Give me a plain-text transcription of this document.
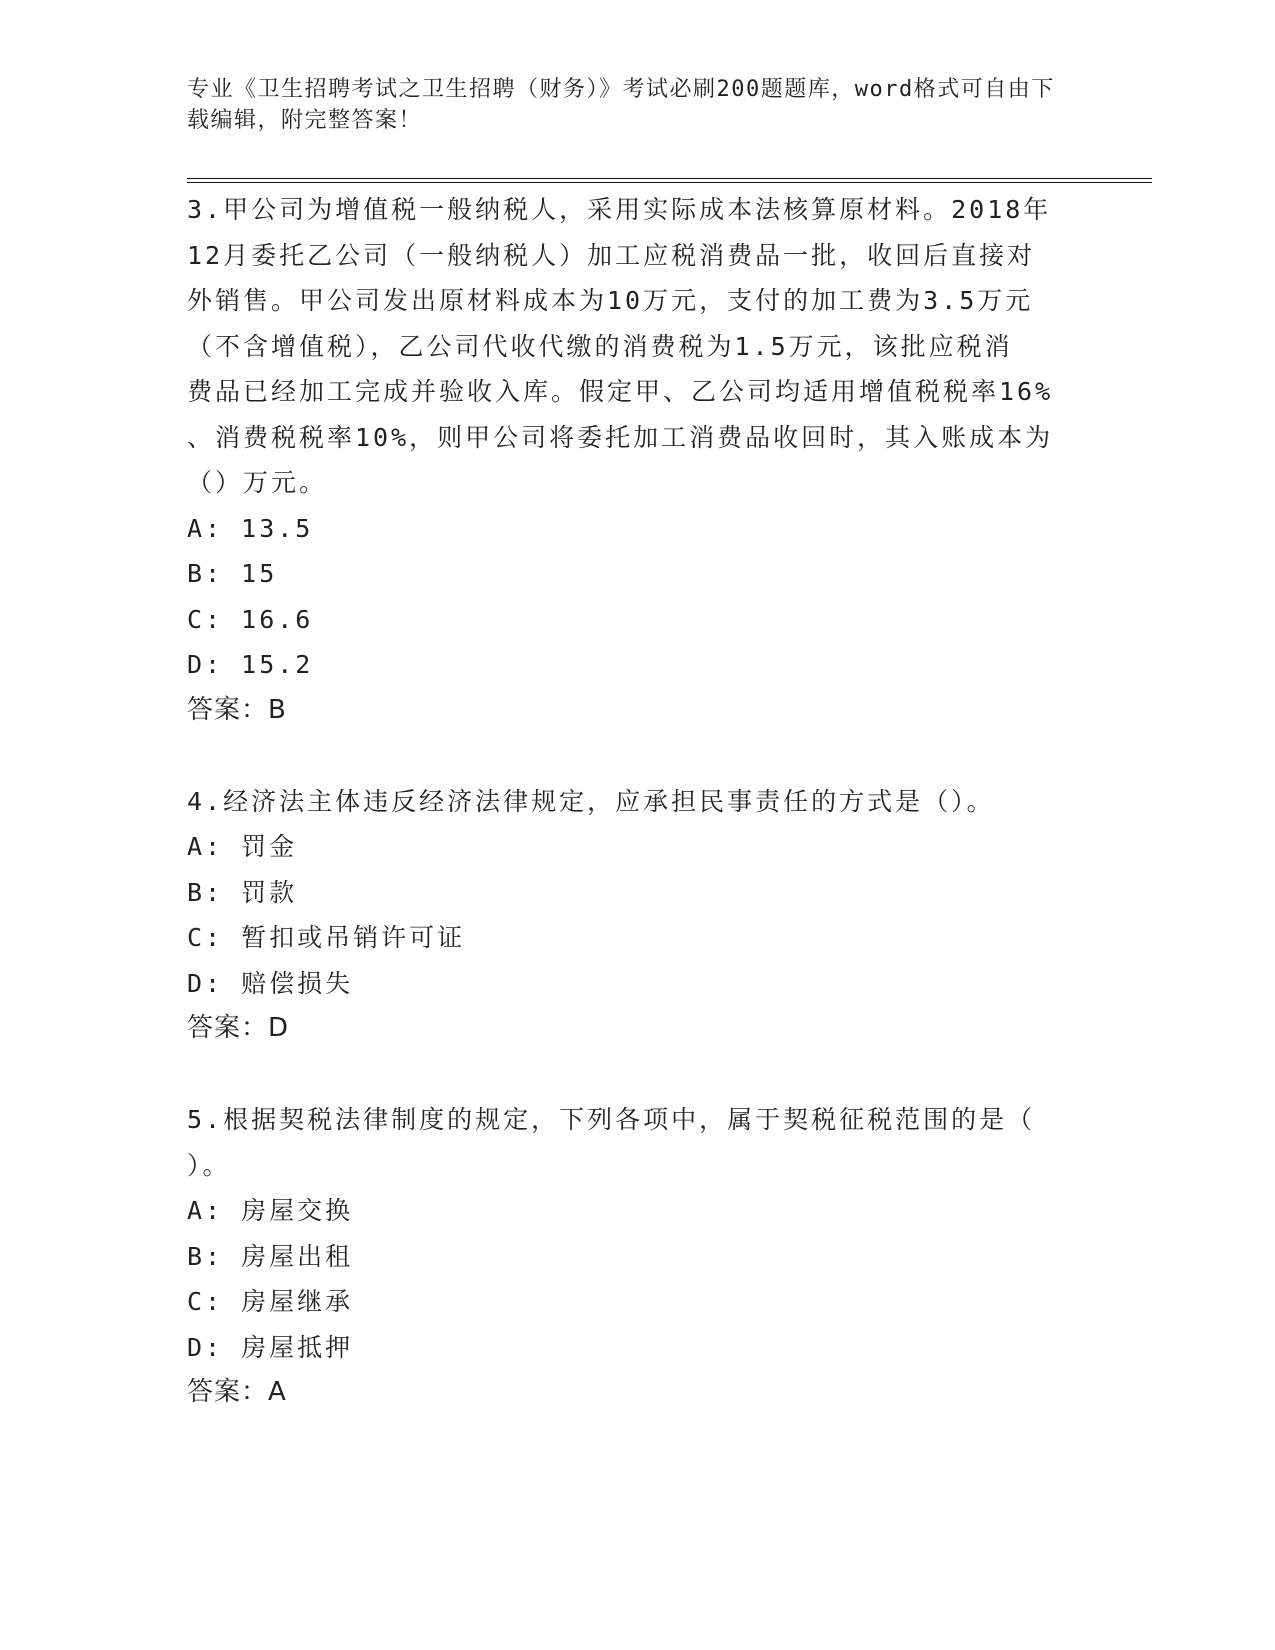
专业《卫生招聘考试之卫生招聘（财务）》考试必刷200题题库，word格式可自由下载编辑，附完整答案！

3.甲公司为增值税一般纳税人，采用实际成本法核算原材料。2018年

12月委托乙公司（一般纳税人）加工应税消费品一批，收回后直接对

外销售。甲公司发出原材料成本为10万元，支付的加工费为3.5万元

（不含增值税），乙公司代收代缴的消费税为1.5万元，该批应税消

费品已经加工完成并验收入库。假定甲、乙公司均适用增值税税率16%

、消费税税率10%，则甲公司将委托加工消费品收回时，其入账成本为

（）万元。

A: 13.5

B: 15

C: 16.6

D: 15.2

答案：B

4.经济法主体违反经济法律规定，应承担民事责任的方式是（）。

A: 罚金

B: 罚款

C: 暂扣或吊销许可证

D: 赔偿损失

答案：D

5.根据契税法律制度的规定，下列各项中，属于契税征税范围的是（

）。

A: 房屋交换

B: 房屋出租

C: 房屋继承

D: 房屋抵押

答案：A
